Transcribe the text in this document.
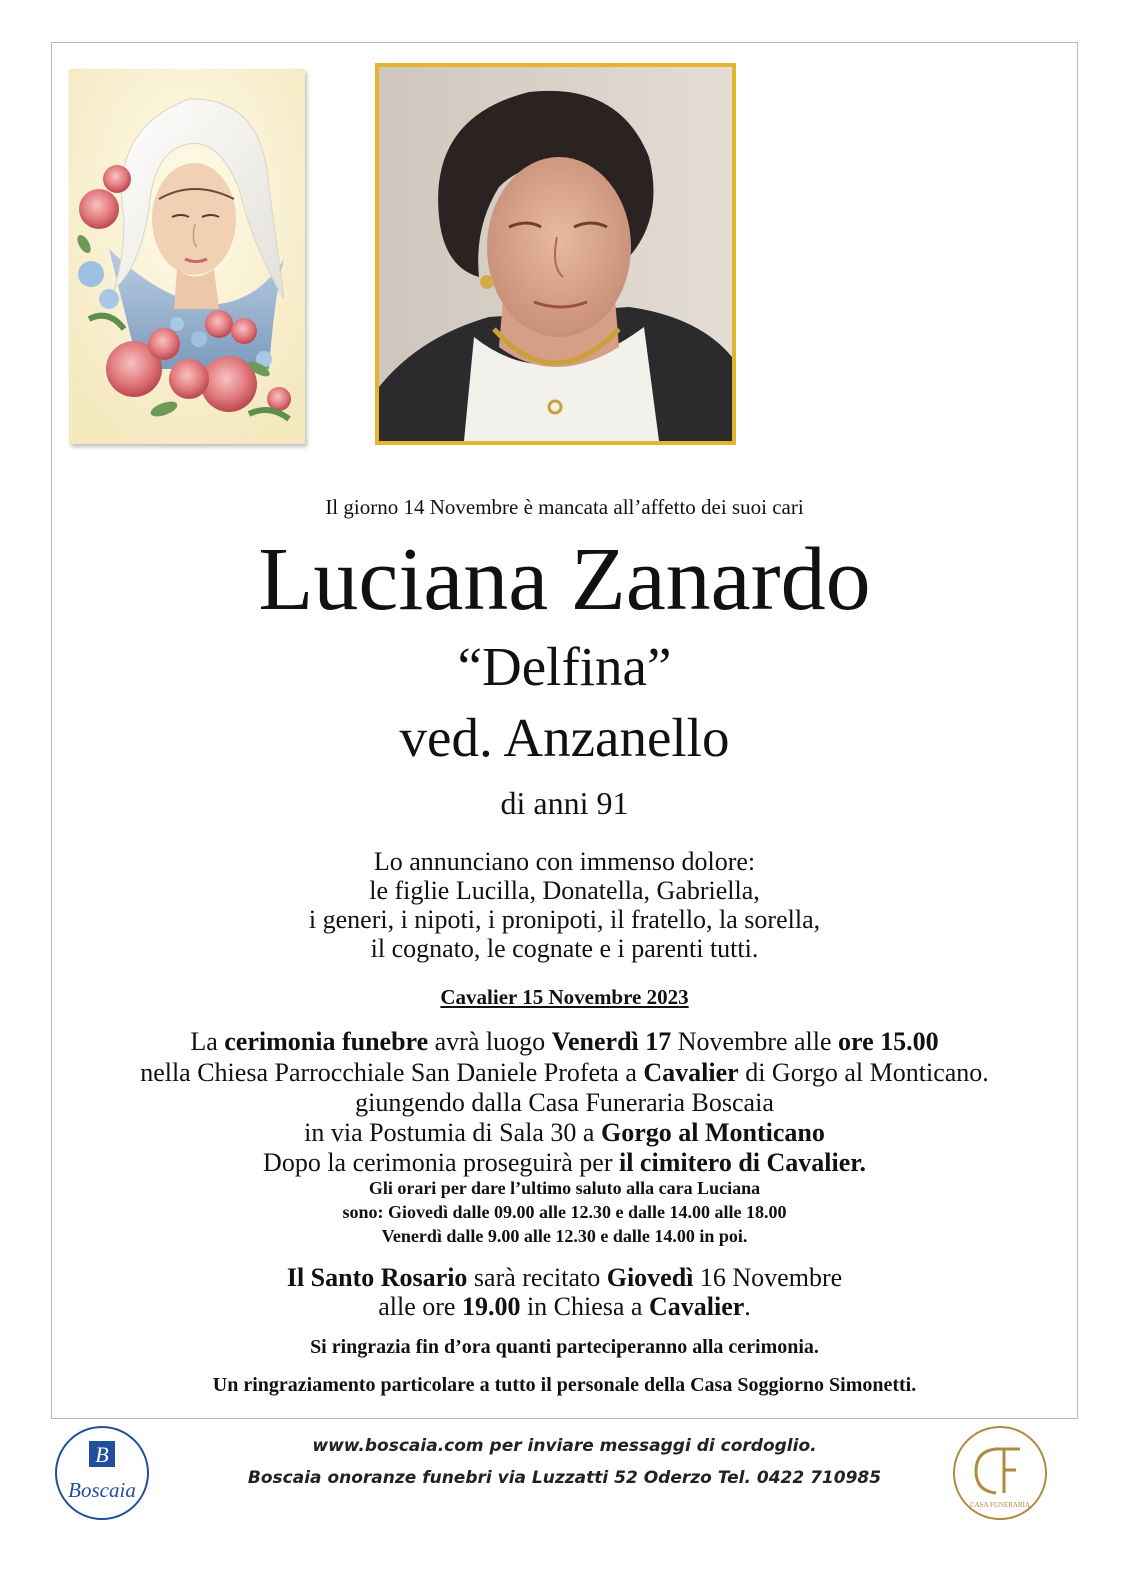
Il giorno 14 Novembre è mancata all’affetto dei suoi cari

Luciana Zanardo

“Delfina”

ved. Anzanello

di anni 91

Lo annunciano con immenso dolore:

le figlie Lucilla, Donatella, Gabriella,

i generi, i nipoti, i pronipoti, il fratello, la sorella,

il cognato, le cognate e i parenti tutti.

Cavalier 15 Novembre 2023

La cerimonia funebre avrà luogo Venerdì 17 Novembre alle ore 15.00

nella Chiesa Parrocchiale San Daniele Profeta a Cavalier di Gorgo al Monticano.

giungendo dalla Casa Funeraria Boscaia

in via Postumia di Sala 30 a Gorgo al Monticano

Dopo la cerimonia proseguirà per il cimitero di Cavalier.

Gli orari per dare l’ultimo saluto alla cara Luciana

sono: Giovedì dalle 09.00 alle 12.30 e dalle 14.00 alle 18.00

Venerdì dalle 9.00 alle 12.30 e dalle 14.00 in poi.

Il Santo Rosario sarà recitato Giovedì 16 Novembre

alle ore 19.00 in Chiesa a Cavalier.

Si ringrazia fin d’ora quanti parteciperanno alla cerimonia.

Un ringraziamento particolare a tutto il personale della Casa Soggiorno Simonetti.

B
Boscaia
www.boscaia.com per inviare messaggi di cordoglio.
Boscaia onoranze funebri via Luzzatti 52 Oderzo Tel. 0422 710985
CASA FUNERARIA
